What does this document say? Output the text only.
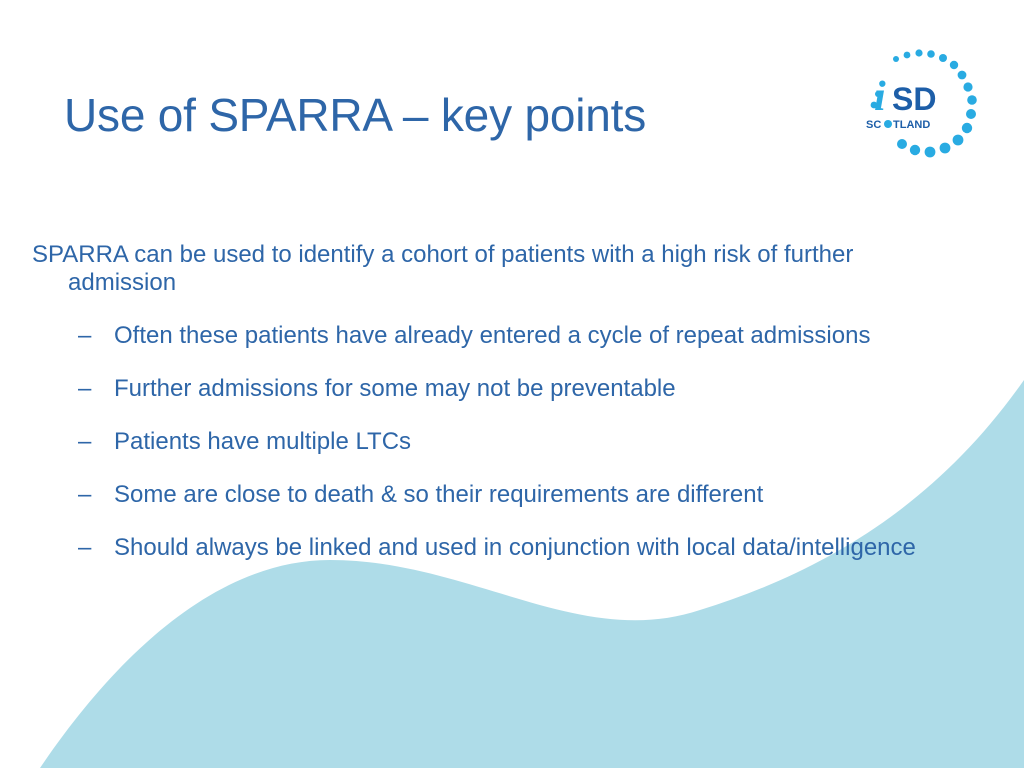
Use of SPARRA – key points	i SD
SC TLAND

SPARRA can be used to identify a cohort of patients with a high risk of further admission

– Often these patients have already entered a cycle of repeat admissions
– Further admissions for some may not be preventable
– Patients have multiple LTCs
– Some are close to death & so their requirements are different
– Should always be linked and used in conjunction with local data/intelligence
